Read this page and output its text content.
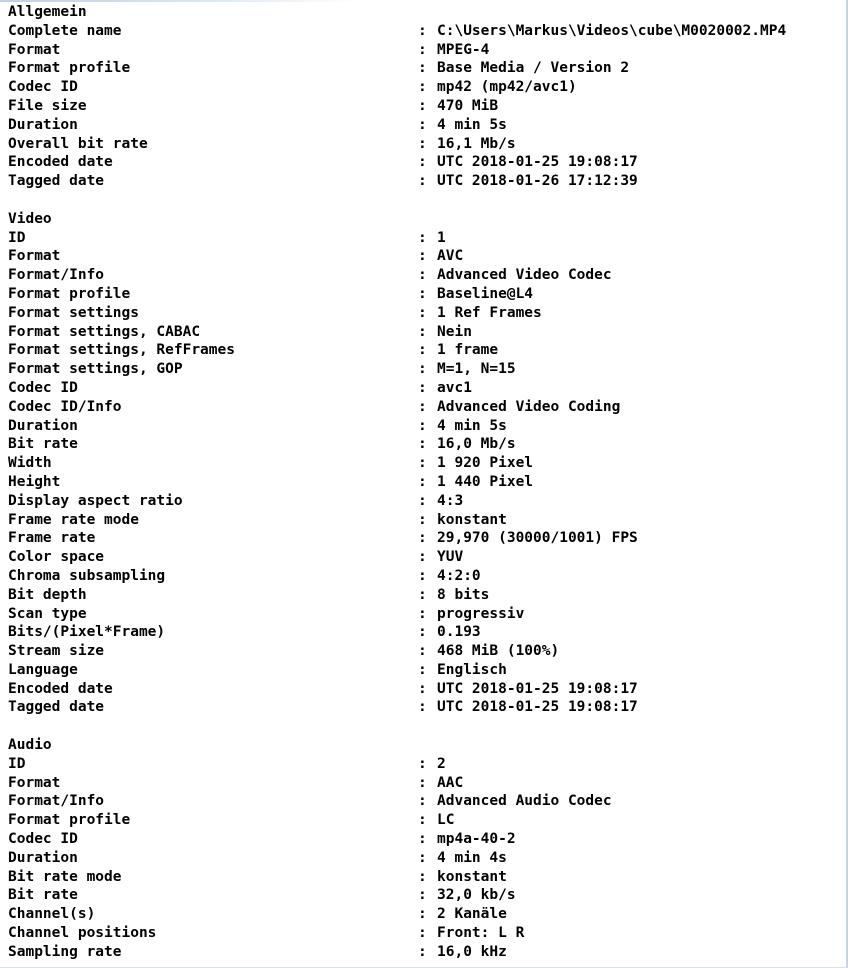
Allgemein
Complete name	: C:\Users\Markus\Videos\cube\M0020002.MP4
Format	: MPEG-4
Format profile	: Base Media / Version 2
Codec ID	: mp42 (mp42/avc1)
File size	: 470 MiB
Duration	: 4 min 5s
Overall bit rate	: 16,1 Mb/s
Encoded date	: UTC 2018-01-25 19:08:17
Tagged date	: UTC 2018-01-26 17:12:39
Video
ID	: 1
Format	: AVC
Format/Info	: Advanced Video Codec
Format profile	: Baseline@L4
Format settings	: 1 Ref Frames
Format settings, CABAC	: Nein
Format settings, RefFrames	: 1 frame
Format settings, GOP	: M=1, N=15
Codec ID	: avc1
Codec ID/Info	: Advanced Video Coding
Duration	: 4 min 5s
Bit rate	: 16,0 Mb/s
Width	: 1 920 Pixel
Height	: 1 440 Pixel
Display aspect ratio	: 4:3
Frame rate mode	: konstant
Frame rate	: 29,970 (30000/1001) FPS
Color space	: YUV
Chroma subsampling	: 4:2:0
Bit depth	: 8 bits
Scan type	: progressiv
Bits/(Pixel*Frame)	: 0.193
Stream size	: 468 MiB (100%)
Language	: Englisch
Encoded date	: UTC 2018-01-25 19:08:17
Tagged date	: UTC 2018-01-25 19:08:17
Audio
ID	: 2
Format	: AAC
Format/Info	: Advanced Audio Codec
Format profile	: LC
Codec ID	: mp4a-40-2
Duration	: 4 min 4s
Bit rate mode	: konstant
Bit rate	: 32,0 kb/s
Channel(s)	: 2 Kanäle
Channel positions	: Front: L R
Sampling rate	: 16,0 kHz
